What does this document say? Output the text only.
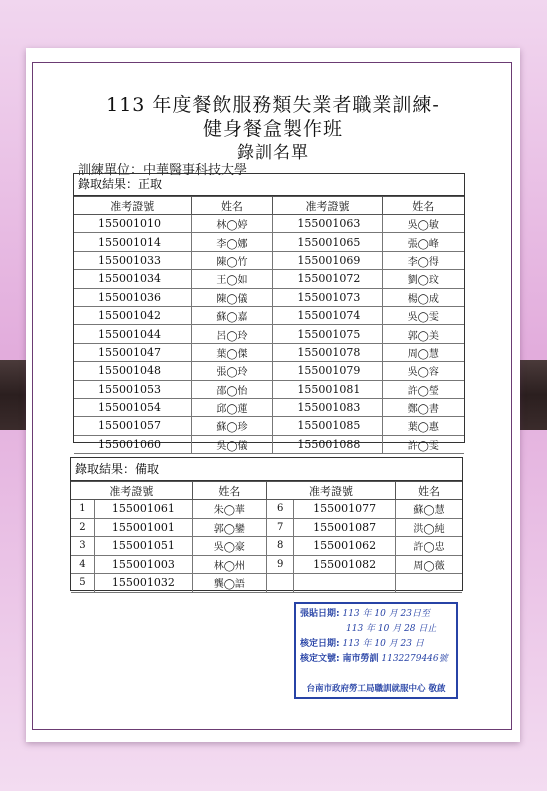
113 年度餐飲服務類失業者職業訓練-
健身餐盒製作班
錄訓名單
訓練單位：中華醫事科技大學
錄取結果：正取
准考證號	姓名	准考證號	姓名
155001010	林◯婷	155001063	吳◯敏
155001014	李◯娜	155001065	張◯峰
155001033	陳◯竹	155001069	李◯得
155001034	王◯如	155001072	劉◯玟
155001036	陳◯儀	155001073	楊◯成
155001042	蘇◯嘉	155001074	吳◯雯
155001044	呂◯玲	155001075	郭◯美
155001047	葉◯傑	155001078	周◯慧
155001048	張◯玲	155001079	吳◯容
155001053	邵◯怡	155001081	許◯瑩
155001054	邱◯蓮	155001083	鄭◯書
155001057	蘇◯珍	155001085	葉◯惠
155001060	吳◯儀	155001088	許◯雯
錄取結果：備取
准考證號		姓名	准考證號		姓名
1	155001061	朱◯華	6	155001077	蘇◯慧
2	155001001	郭◯鑾	7	155001087	洪◯純
3	155001051	吳◯豪	8	155001062	許◯忠
4	155001003	林◯州	9	155001082	周◯薇
5	155001032	龔◯語			
張貼日期: 113 年 10 月 23日至
113 年 10 月 28 日止
核定日期: 113 年 10 月 23 日
核定文號: 南市勞訓 1132279446號
台南市政府勞工局職訓就服中心 敬啟
